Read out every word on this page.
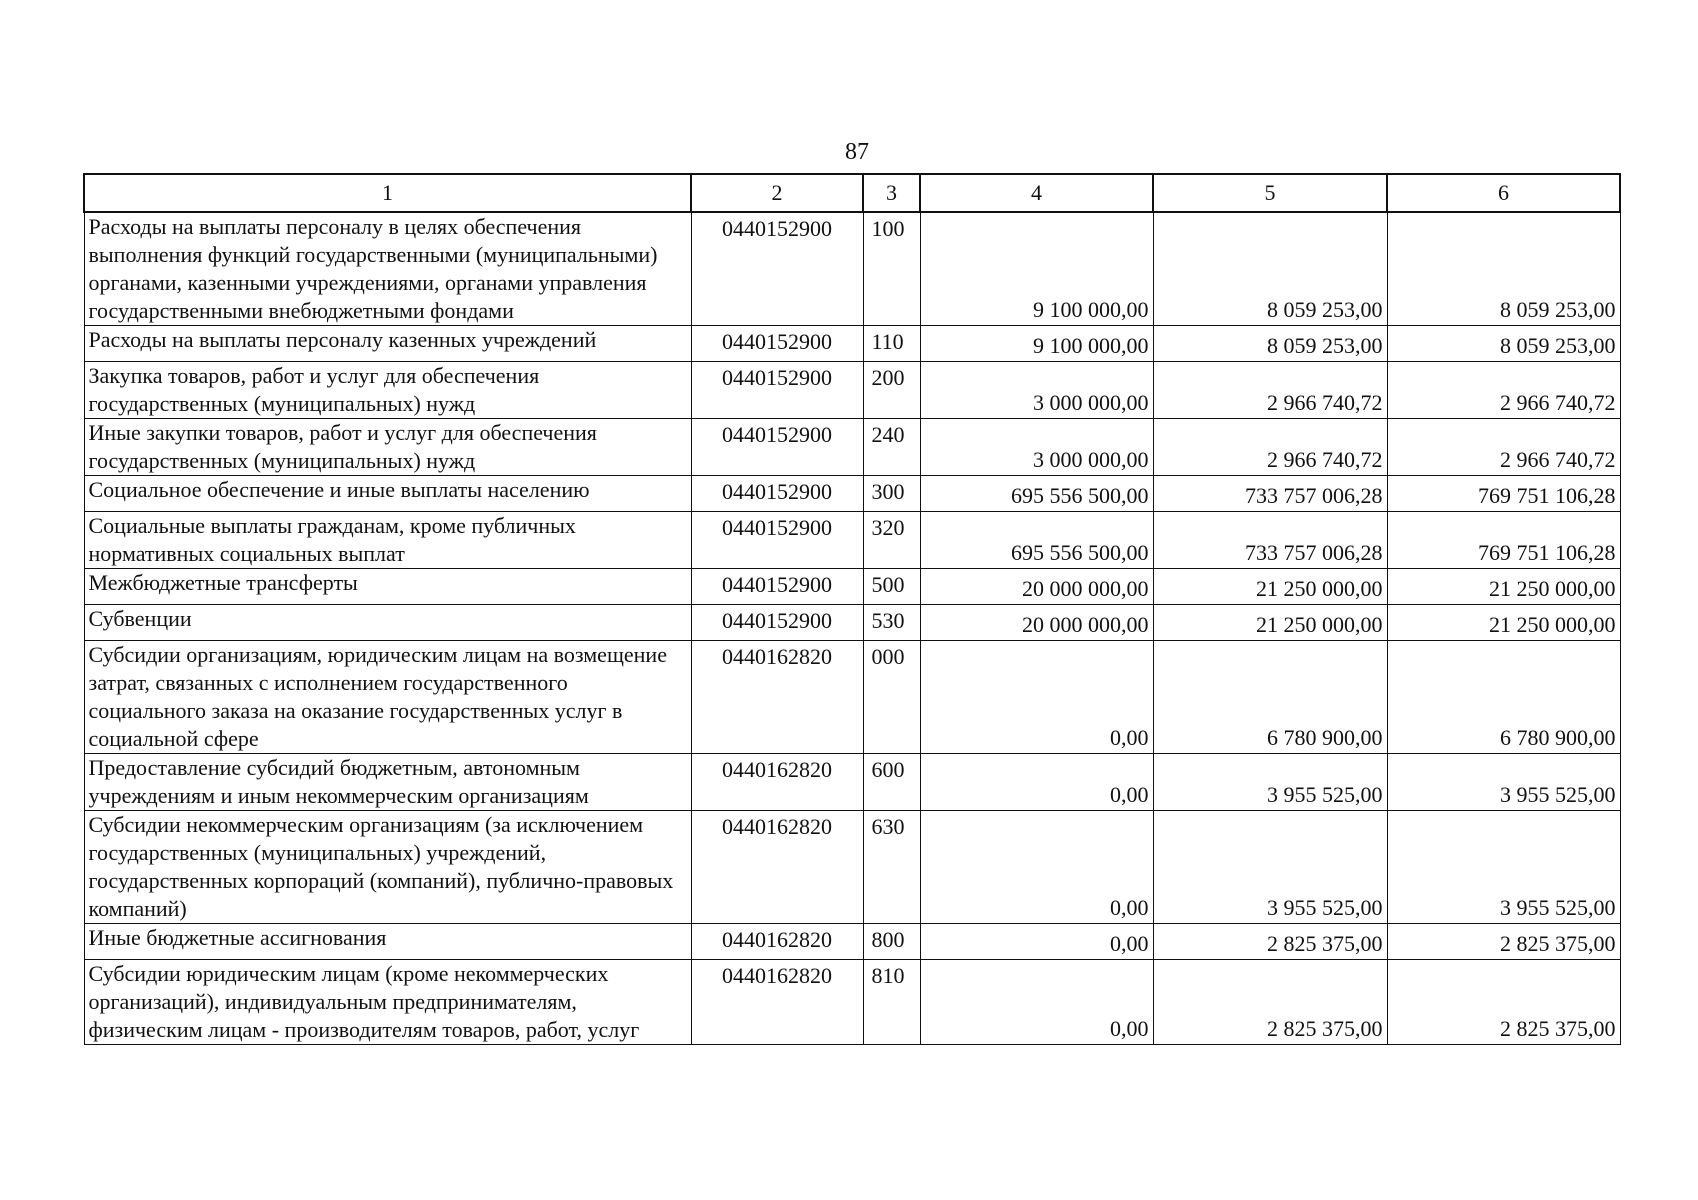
87
1	2	3	4	5	6
Расходы на выплаты персоналу в целях обеспечения выполнения функций государственными (муниципальными) органами, казенными учреждениями, органами управления государственными внебюджетными фондами	0440152900	100	9 100 000,00	8 059 253,00	8 059 253,00
Расходы на выплаты персоналу казенных учреждений	0440152900	110	9 100 000,00	8 059 253,00	8 059 253,00
Закупка товаров, работ и услуг для обеспечения государственных (муниципальных) нужд	0440152900	200	3 000 000,00	2 966 740,72	2 966 740,72
Иные закупки товаров, работ и услуг для обеспечения государственных (муниципальных) нужд	0440152900	240	3 000 000,00	2 966 740,72	2 966 740,72
Социальное обеспечение и иные выплаты населению	0440152900	300	695 556 500,00	733 757 006,28	769 751 106,28
Социальные выплаты гражданам, кроме публичных нормативных социальных выплат	0440152900	320	695 556 500,00	733 757 006,28	769 751 106,28
Межбюджетные трансферты	0440152900	500	20 000 000,00	21 250 000,00	21 250 000,00
Субвенции	0440152900	530	20 000 000,00	21 250 000,00	21 250 000,00
Субсидии организациям, юридическим лицам на возмещение затрат, связанных с исполнением государственного социального заказа на оказание государственных услуг в социальной сфере	0440162820	000	0,00	6 780 900,00	6 780 900,00
Предоставление субсидий бюджетным, автономным учреждениям и иным некоммерческим организациям	0440162820	600	0,00	3 955 525,00	3 955 525,00
Субсидии некоммерческим организациям (за исключением государственных (муниципальных) учреждений, государственных корпораций (компаний), публично-правовых компаний)	0440162820	630	0,00	3 955 525,00	3 955 525,00
Иные бюджетные ассигнования	0440162820	800	0,00	2 825 375,00	2 825 375,00
Субсидии юридическим лицам (кроме некоммерческих организаций), индивидуальным предпринимателям, физическим лицам - производителям товаров, работ, услуг	0440162820	810	0,00	2 825 375,00	2 825 375,00
